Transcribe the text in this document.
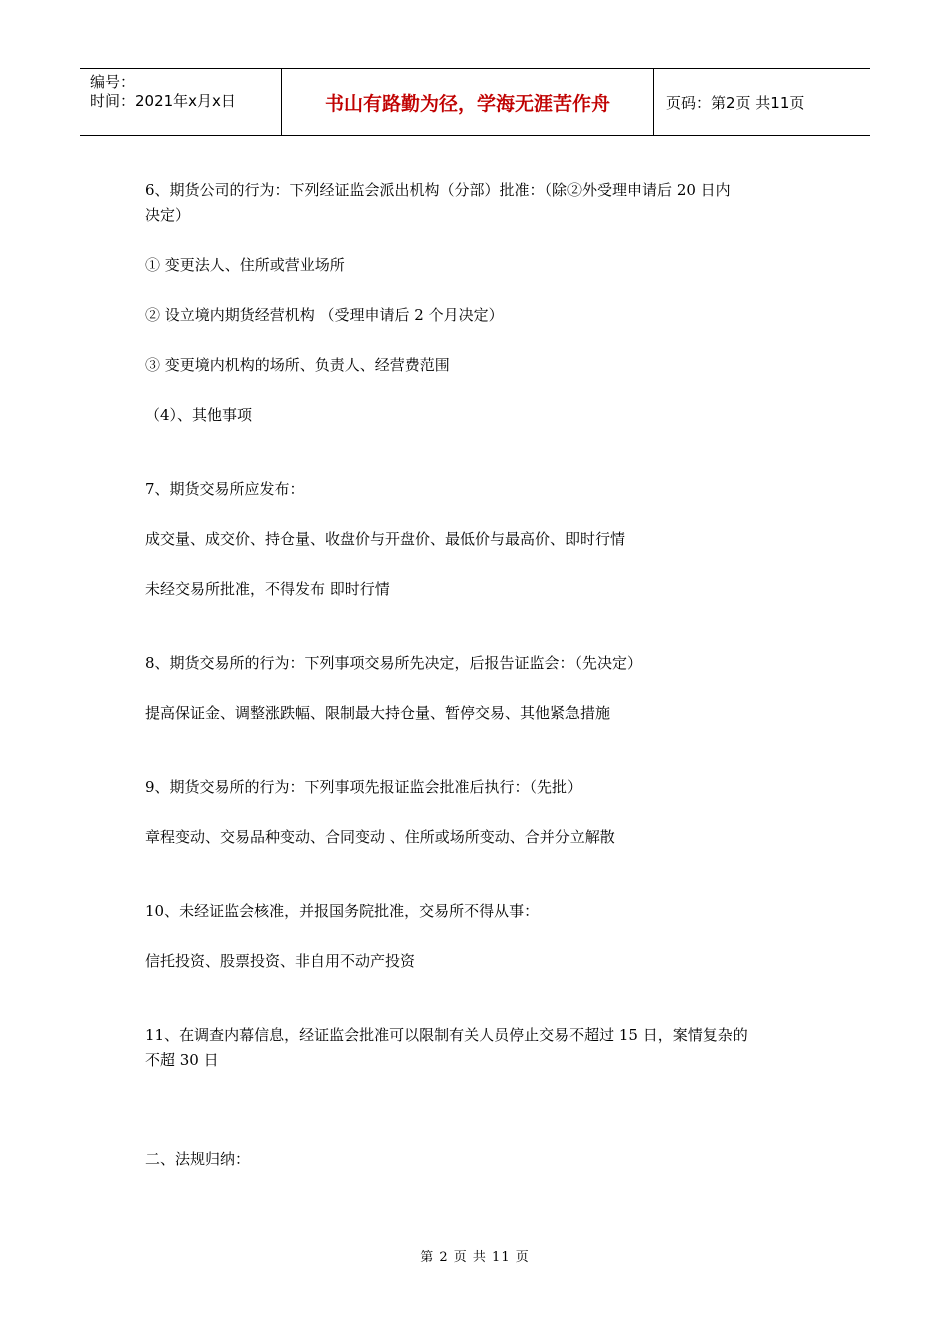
编号：
时间：2021年x月x日	书山有路勤为径，学海无涯苦作舟	页码：第2页 共11页

6、期货公司的行为：下列经证监会派出机构（分部）批准：（除②外受理申请后 20 日内

决定）

① 变更法人、住所或营业场所

② 设立境内期货经营机构 （受理申请后 2 个月决定）

③ 变更境内机构的场所、负责人、经营费范围

（4）、其他事项

7、期货交易所应发布：

成交量、成交价、持仓量、收盘价与开盘价、最低价与最高价、即时行情

未经交易所批准，不得发布 即时行情

8、期货交易所的行为：下列事项交易所先决定，后报告证监会：（先决定）

提高保证金、调整涨跌幅、限制最大持仓量、暂停交易、其他紧急措施

9、期货交易所的行为：下列事项先报证监会批准后执行：（先批）

章程变动、交易品种变动、合同变动 、住所或场所变动、合并分立解散

10、未经证监会核准，并报国务院批准，交易所不得从事：

信托投资、股票投资、非自用不动产投资

11、在调查内幕信息，经证监会批准可以限制有关人员停止交易不超过 15 日，案情复杂的

不超 30 日

二、法规归纳：

第 2 页 共 11 页
